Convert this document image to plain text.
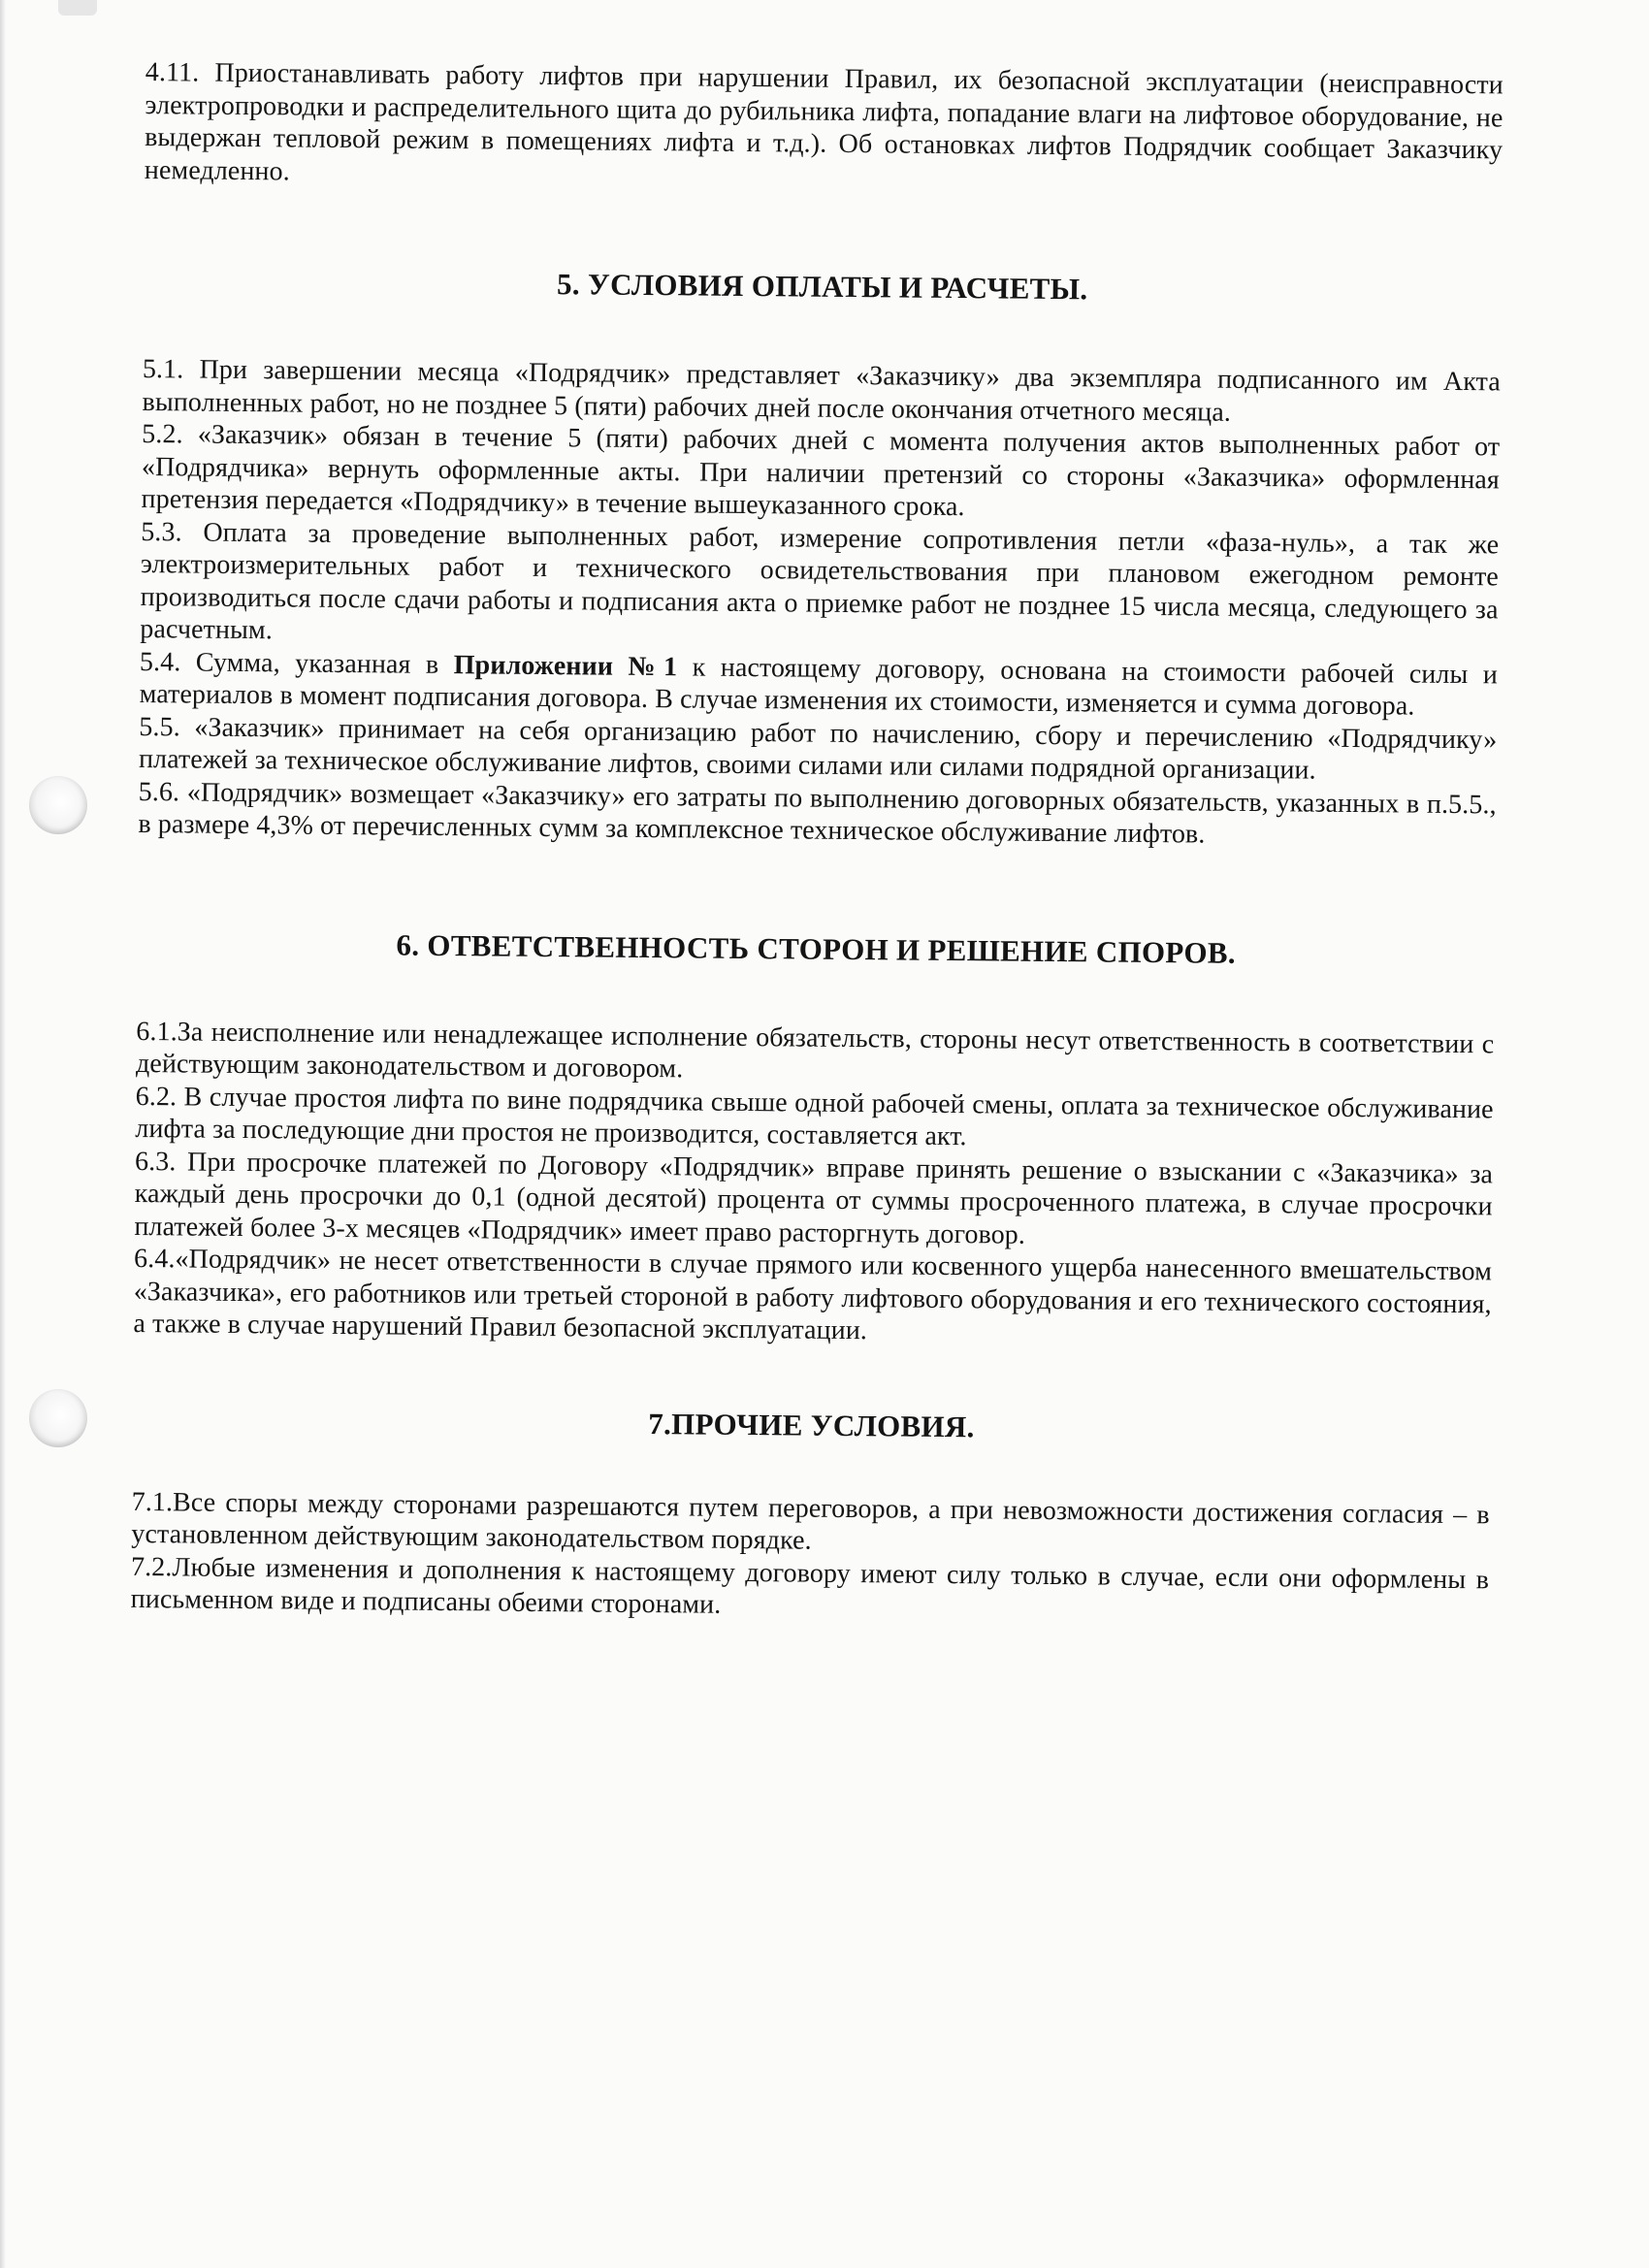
4.11. Приостанавливать работу лифтов при нарушении Правил, их безопасной эксплуатации (неисправности электропроводки и распределительного щита до рубильника лифта, попадание влаги на лифтовое оборудование, не выдержан тепловой режим в помещениях лифта и т.д.). Об остановках лифтов Подрядчик сообщает Заказчику немедленно.

5. УСЛОВИЯ ОПЛАТЫ И РАСЧЕТЫ.

5.1. При завершении месяца «Подрядчик» представляет «Заказчику» два экземпляра подписанного им Акта выполненных работ, но не позднее 5 (пяти) рабочих дней после окончания отчетного месяца.

5.2. «Заказчик» обязан в течение 5 (пяти) рабочих дней с момента получения актов выполненных работ от «Подрядчика» вернуть оформленные акты. При наличии претензий со стороны «Заказчика» оформленная претензия передается «Подрядчику» в течение вышеуказанного срока.

5.3. Оплата за проведение выполненных работ, измерение сопротивления петли «фаза-нуль», а так же электроизмерительных работ и технического освидетельствования при плановом ежегодном ремонте производиться после сдачи работы и подписания акта о приемке работ не позднее 15 числа месяца, следующего за расчетным.

5.4. Сумма, указанная в Приложении №1 к настоящему договору, основана на стоимости рабочей силы и материалов в момент подписания договора. В случае изменения их стоимости, изменяется и сумма договора.

5.5. «Заказчик» принимает на себя организацию работ по начислению, сбору и перечислению «Подрядчику» платежей за техническое обслуживание лифтов, своими силами или силами подрядной организации.

5.6. «Подрядчик» возмещает «Заказчику» его затраты по выполнению договорных обязательств, указанных в п.5.5., в размере 4,3% от перечисленных сумм за комплексное техническое обслуживание лифтов.

6. ОТВЕТСТВЕННОСТЬ СТОРОН И РЕШЕНИЕ СПОРОВ.

6.1.За неисполнение или ненадлежащее исполнение обязательств, стороны несут ответственность в соответствии с действующим законодательством и договором.

6.2. В случае простоя лифта по вине подрядчика свыше одной рабочей смены, оплата за техническое обслуживание лифта за последующие дни простоя не производится, составляется акт.

6.3. При просрочке платежей по Договору «Подрядчик» вправе принять решение о взыскании с «Заказчика» за каждый день просрочки до 0,1 (одной десятой) процента от суммы просроченного платежа, в случае просрочки платежей более 3-х месяцев «Подрядчик» имеет право расторгнуть договор.

6.4.«Подрядчик» не несет ответственности в случае прямого или косвенного ущерба нанесенного вмешательством «Заказчика», его работников или третьей стороной в работу лифтового оборудования и его технического состояния, а также в случае нарушений Правил безопасной эксплуатации.

7.ПРОЧИЕ УСЛОВИЯ.

7.1.Все споры между сторонами разрешаются путем переговоров, а при невозможности достижения согласия – в установленном действующим законодательством порядке.

7.2.Любые изменения и дополнения к настоящему договору имеют силу только в случае, если они оформлены в письменном виде и подписаны обеими сторонами.
